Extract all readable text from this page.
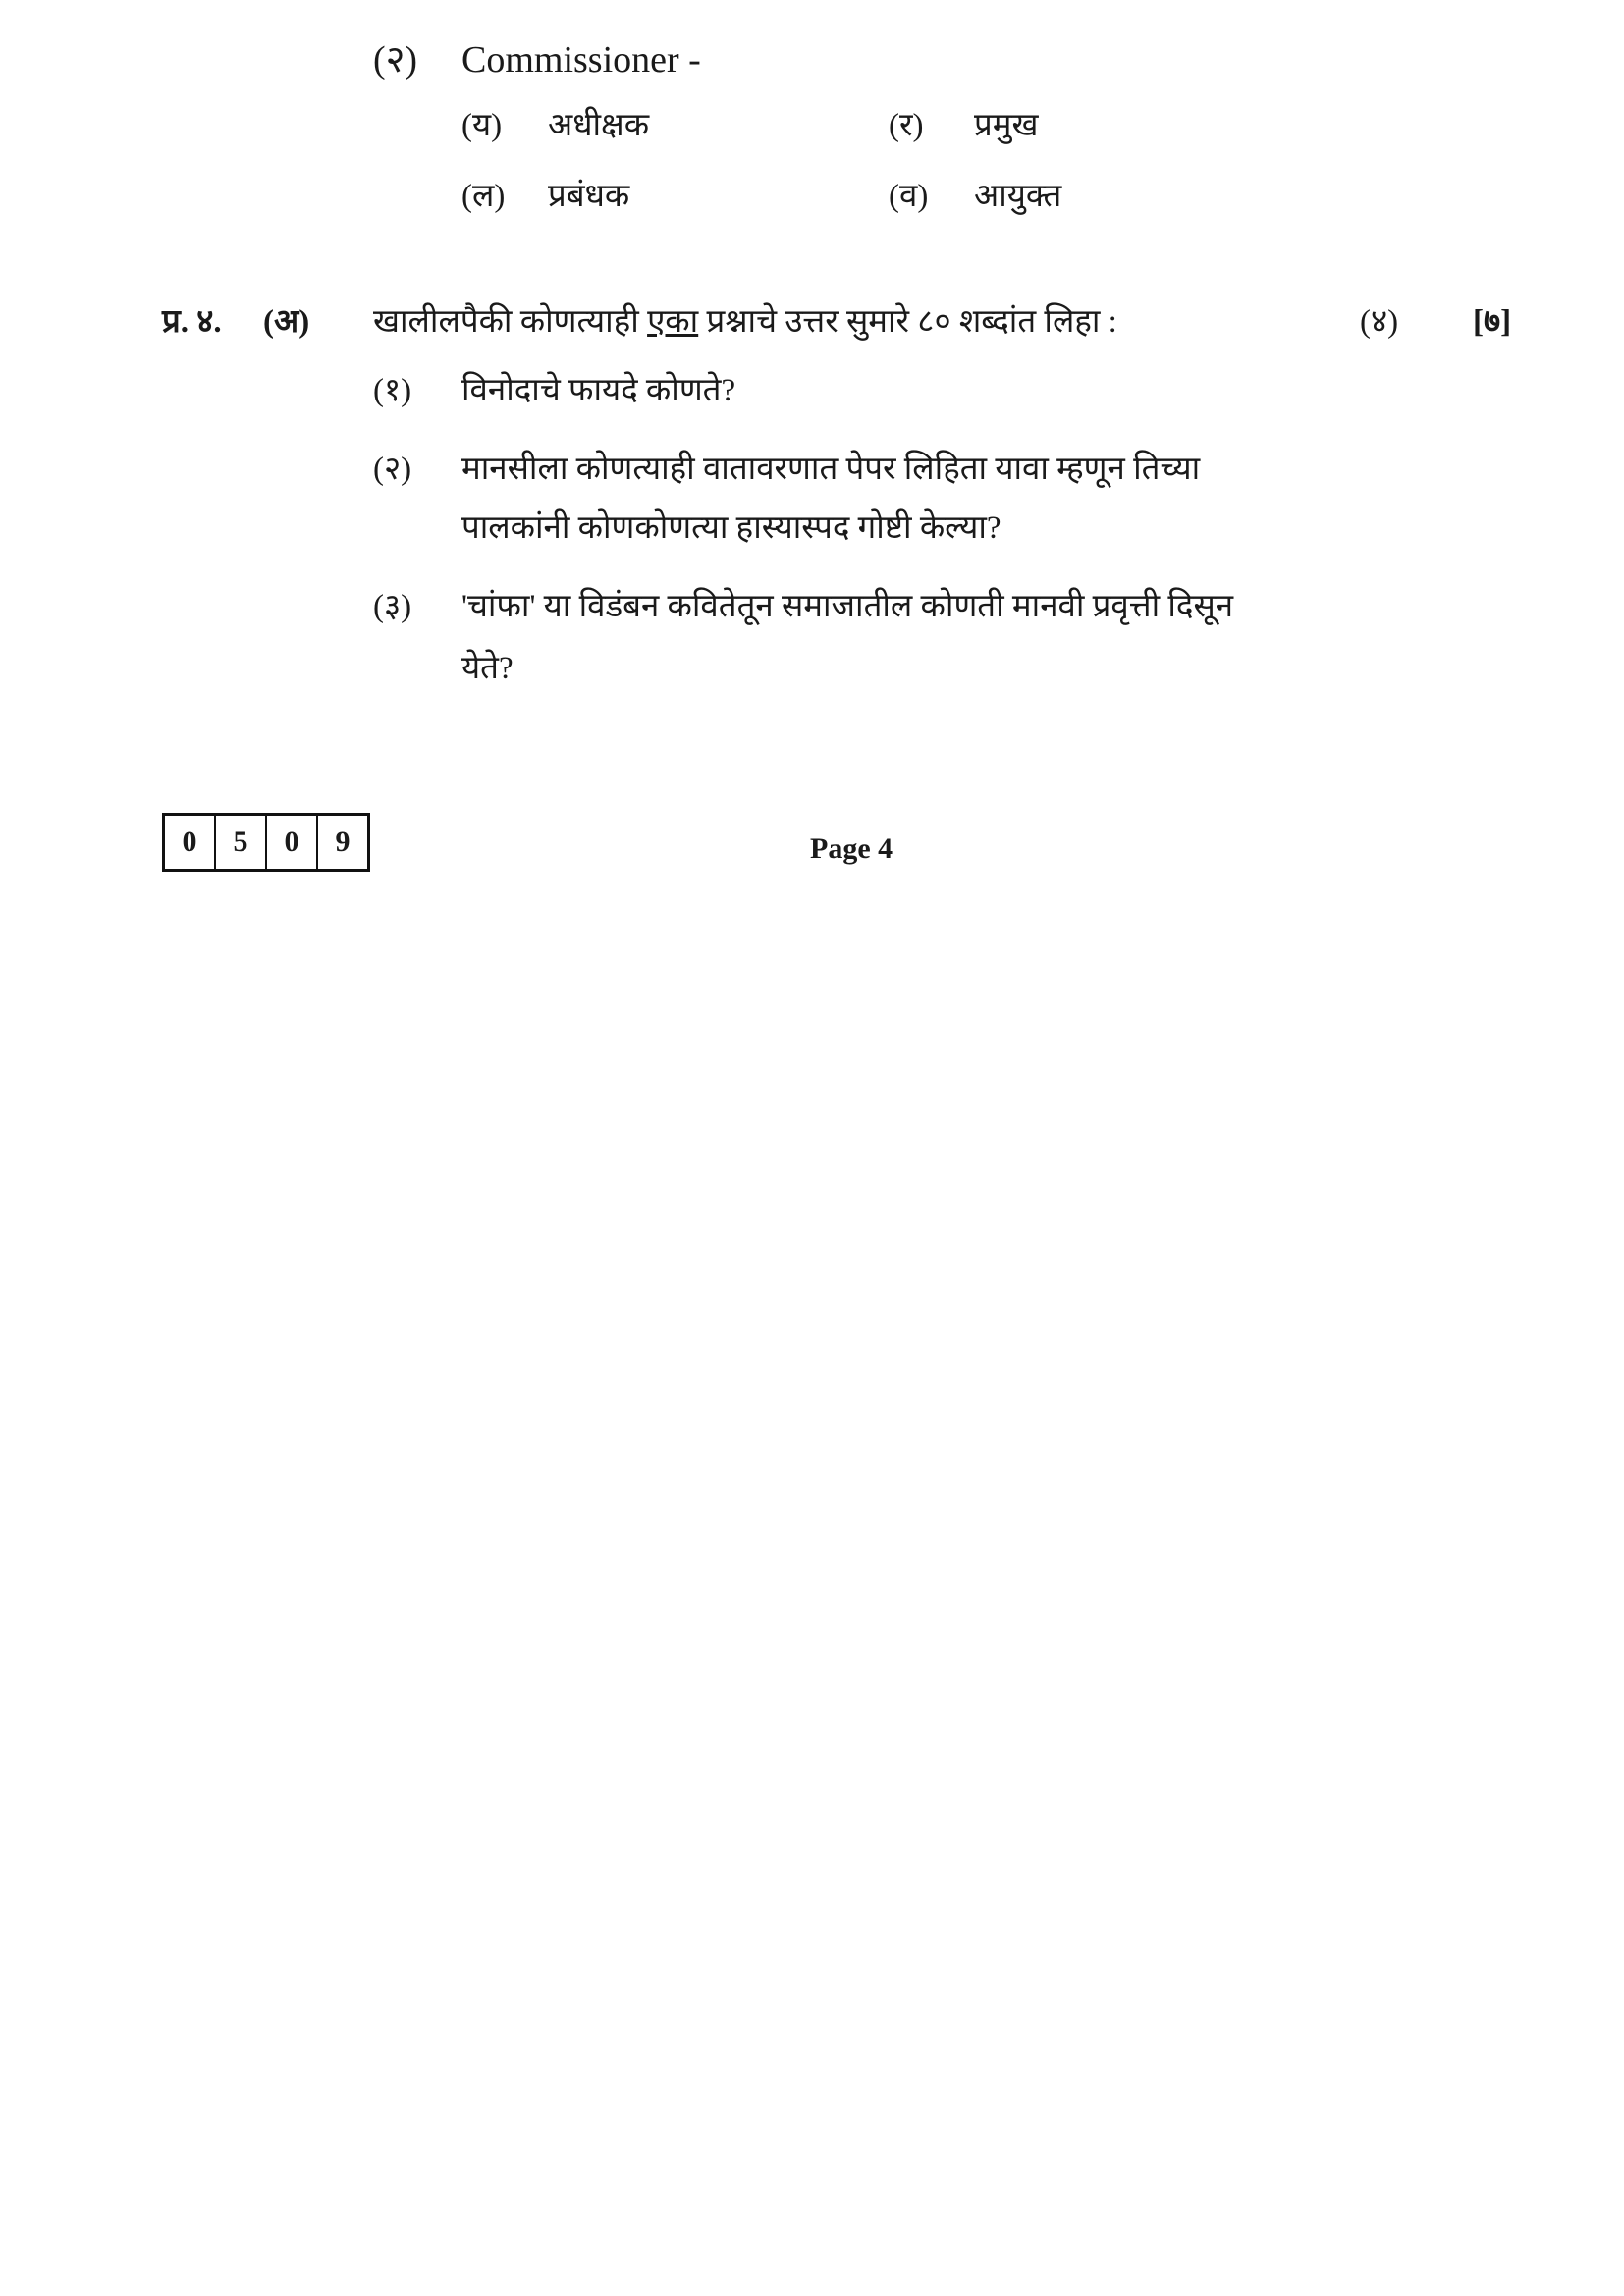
(२) Commissioner -
(य) अधीक्षक	(र) प्रमुख
(ल) प्रबंधक	(व) आयुक्त
प्र. ४. (अ) खालीलपैकी कोणत्याही एका प्रश्नाचे उत्तर सुमारे ८० शब्दांत लिहा :	(४) [७]
(१) विनोदाचे फायदे कोणते?
(२) मानसीला कोणत्याही वातावरणात पेपर लिहिता यावा म्हणून तिच्या
पालकांनी कोणकोणत्या हास्यास्पद गोष्टी केल्या?
(३) 'चांफा' या विडंबन कवितेतून समाजातील कोणती मानवी प्रवृत्ती दिसून
येते?
0	5	0	9	Page 4
